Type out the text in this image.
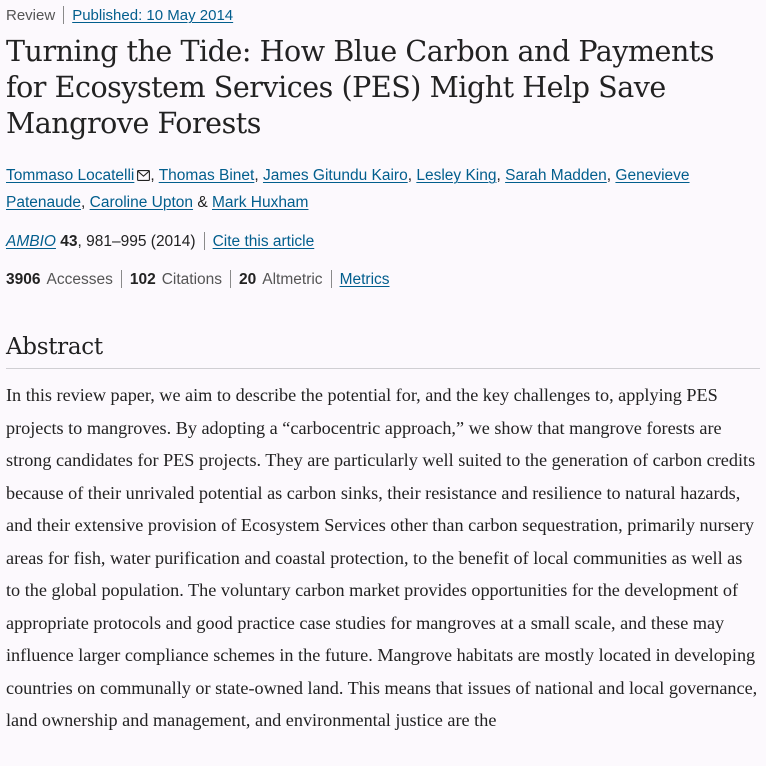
Review Published: 10 May 2014
Turning the Tide: How Blue Carbon and Payments for Ecosystem Services (PES) Might Help Save Mangrove Forests
Tommaso Locatelli , Thomas Binet, James Gitundu Kairo, Lesley King, Sarah Madden, Genevieve Patenaude, Caroline Upton & Mark Huxham
AMBIO 43, 981–995 (2014) Cite this article
3906 Accesses 102 Citations 20 Altmetric Metrics
Abstract

In this review paper, we aim to describe the potential for, and the key challenges to, applying PES projects to mangroves. By adopting a “carbocentric approach,” we show that mangrove forests are strong candidates for PES projects. They are particularly well suited to the generation of carbon credits because of their unrivaled potential as carbon sinks, their resistance and resilience to natural hazards, and their extensive provision of Ecosystem Services other than carbon sequestration, primarily nursery areas for fish, water purification and coastal protection, to the benefit of local communities as well as to the global population. The voluntary carbon market provides opportunities for the development of appropriate protocols and good practice case studies for mangroves at a small scale, and these may influence larger compliance schemes in the future. Mangrove habitats are mostly located in developing countries on communally or state-owned land. This means that issues of national and local governance, land ownership and management, and environmental justice are the
